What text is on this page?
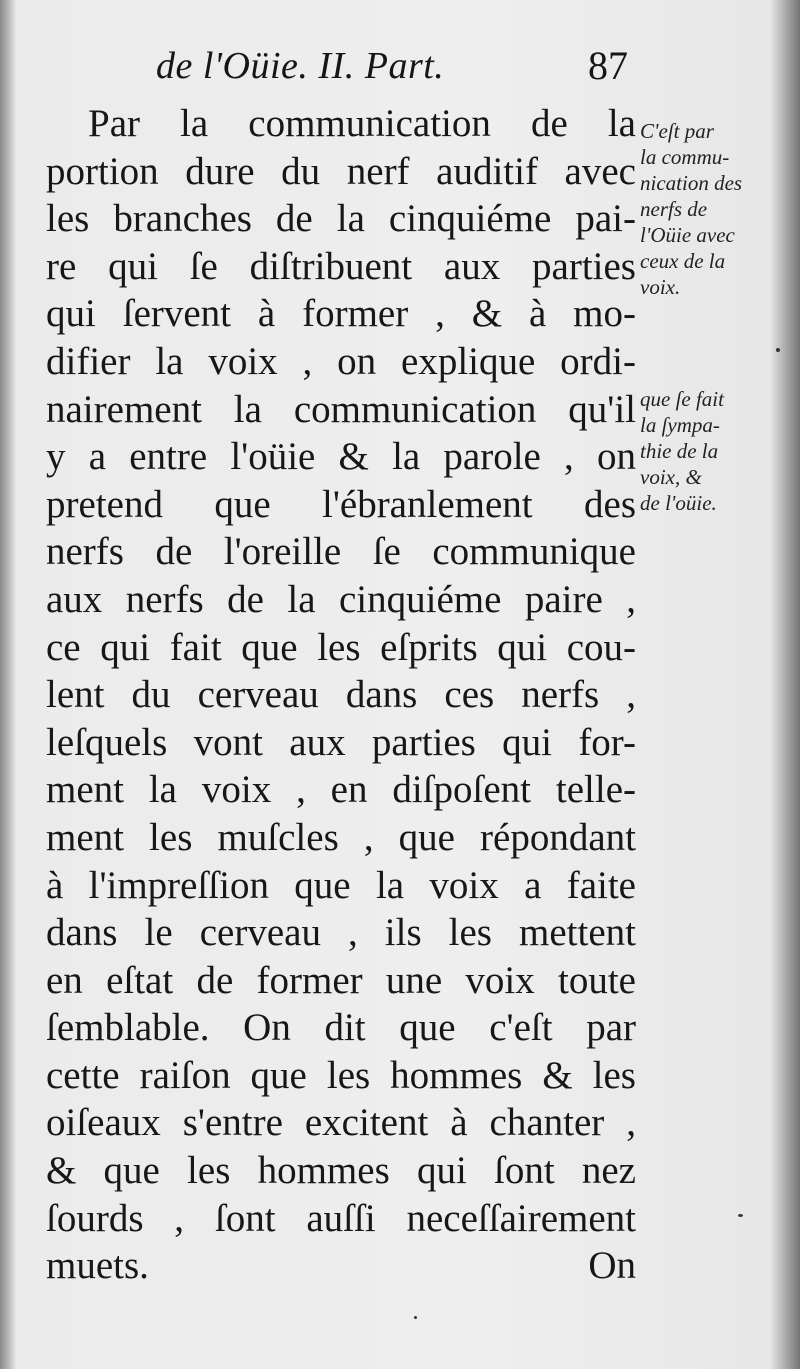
de l'Oüie. II. Part.	87
Par la communication de la
portion dure du nerf auditif avec
les branches de la cinquiéme pai-
re qui ſe diſtribuent aux parties
qui ſervent à former , & à mo-
difier la voix , on explique ordi-
nairement la communication qu'il
y a entre l'oüie & la parole , on
pretend que l'ébranlement des
nerfs de l'oreille ſe communique
aux nerfs de la cinquiéme paire ,
ce qui fait que les eſprits qui cou-
lent du cerveau dans ces nerfs ,
leſquels vont aux parties qui for-
ment la voix , en diſpoſent telle-
ment les muſcles , que répondant
à l'impreſſion que la voix a faite
dans le cerveau , ils les mettent
en eſtat de former une voix toute
ſemblable. On dit que c'eſt par
cette raiſon que les hommes & les
oiſeaux s'entre excitent à chanter ,
& que les hommes qui ſont nez
ſourds , ſont auſſi neceſſairement
muets.	On
C'eſt par
la commu-
nication des
nerfs de
l'Oüie avec
ceux de la
voix.
que ſe fait
la ſympa-
thie de la
voix, &
de l'oüie.
